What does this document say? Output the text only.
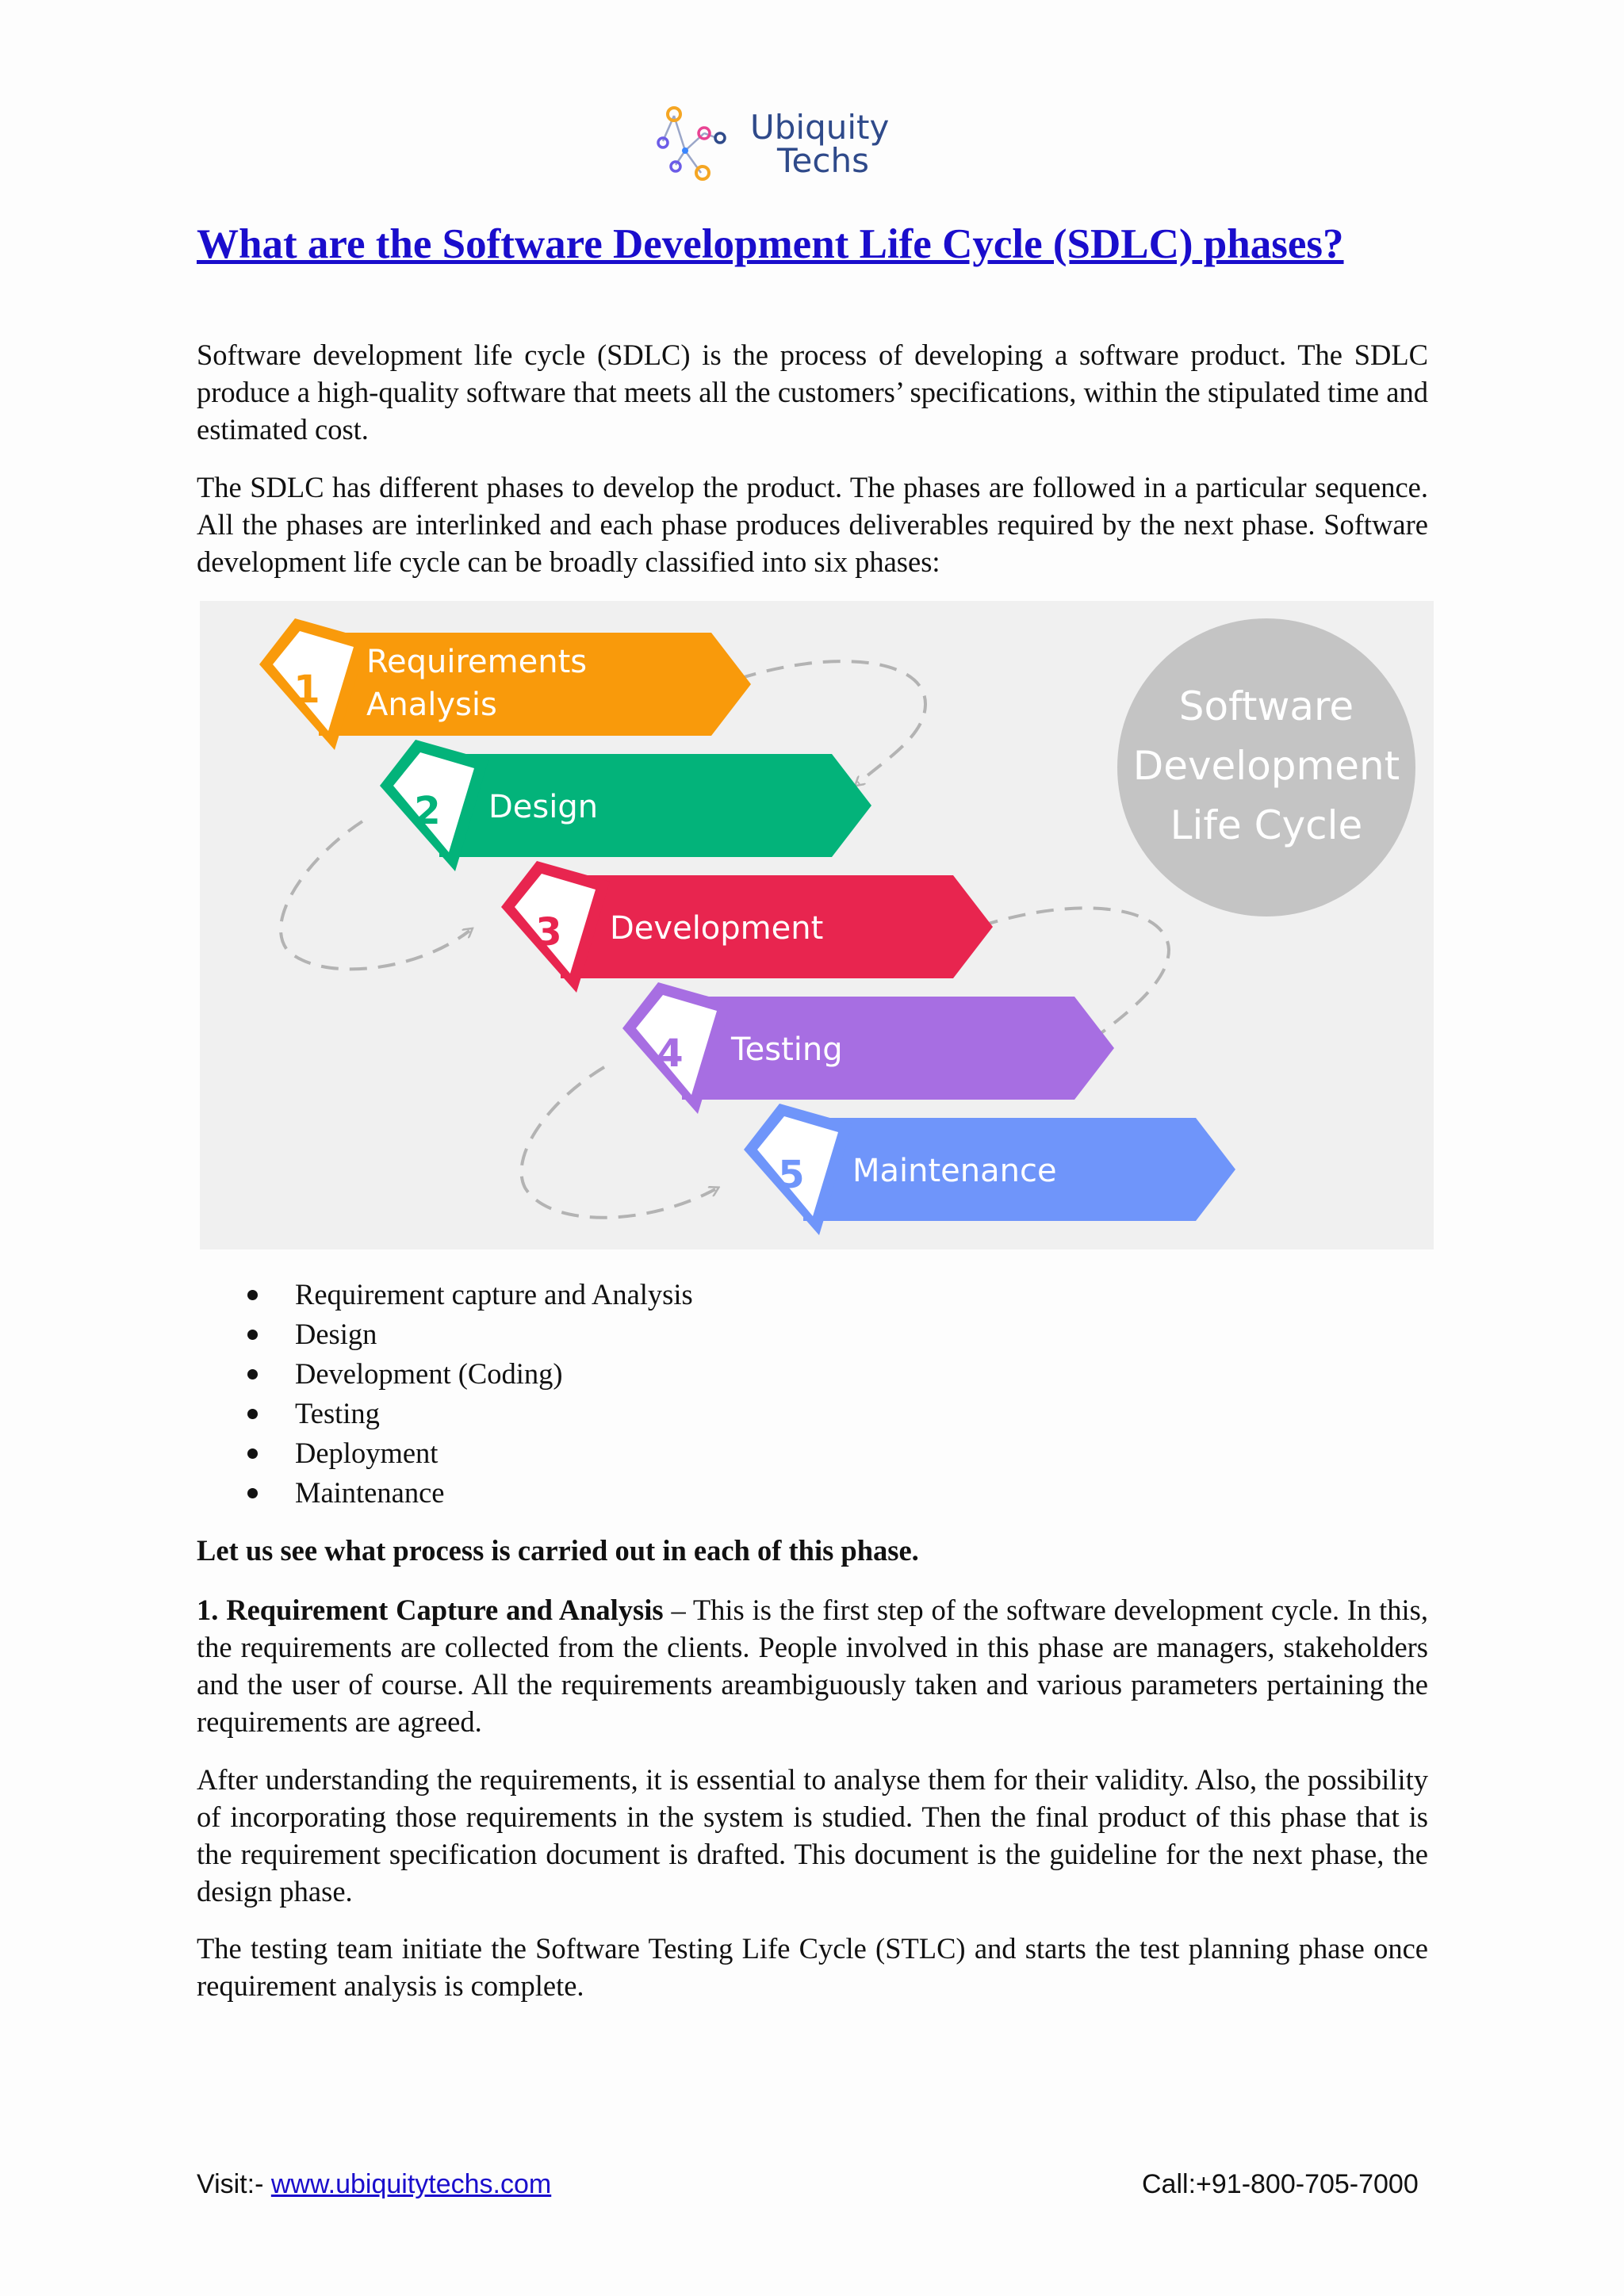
Ubiquity
Techs
What are the Software Development Life Cycle (SDLC) phases?

Software development life cycle (SDLC) is the process of developing a software product. The SDLC produce a high-quality software that meets all the customers’ specifications, within the stipulated time and estimated cost.

The SDLC has different phases to develop the product. The phases are followed in a particular sequence. All the phases are interlinked and each phase produces deliverables required by the next phase. Software development life cycle can be broadly classified into six phases:

Software
Development
Life Cycle
1
Requirements
Analysis
2 Design
3 Development
4 Testing
5 Maintenance
Requirement capture and Analysis
Design
Development (Coding)
Testing
Deployment
Maintenance

Let us see what process is carried out in each of this phase.

1. Requirement Capture and Analysis – This is the first step of the software development cycle. In this, the requirements are collected from the clients. People involved in this phase are managers, stakeholders and the user of course. All the requirements areambiguously taken and various parameters pertaining the requirements are agreed.

After understanding the requirements, it is essential to analyse them for their validity. Also, the possibility of incorporating those requirements in the system is studied. Then the final product of this phase that is the requirement specification document is drafted. This document is the guideline for the next phase, the design phase.

The testing team initiate the Software Testing Life Cycle (STLC) and starts the test planning phase once requirement analysis is complete.

Visit:- www.ubiquitytechs.com	Call:+91-800-705-7000
